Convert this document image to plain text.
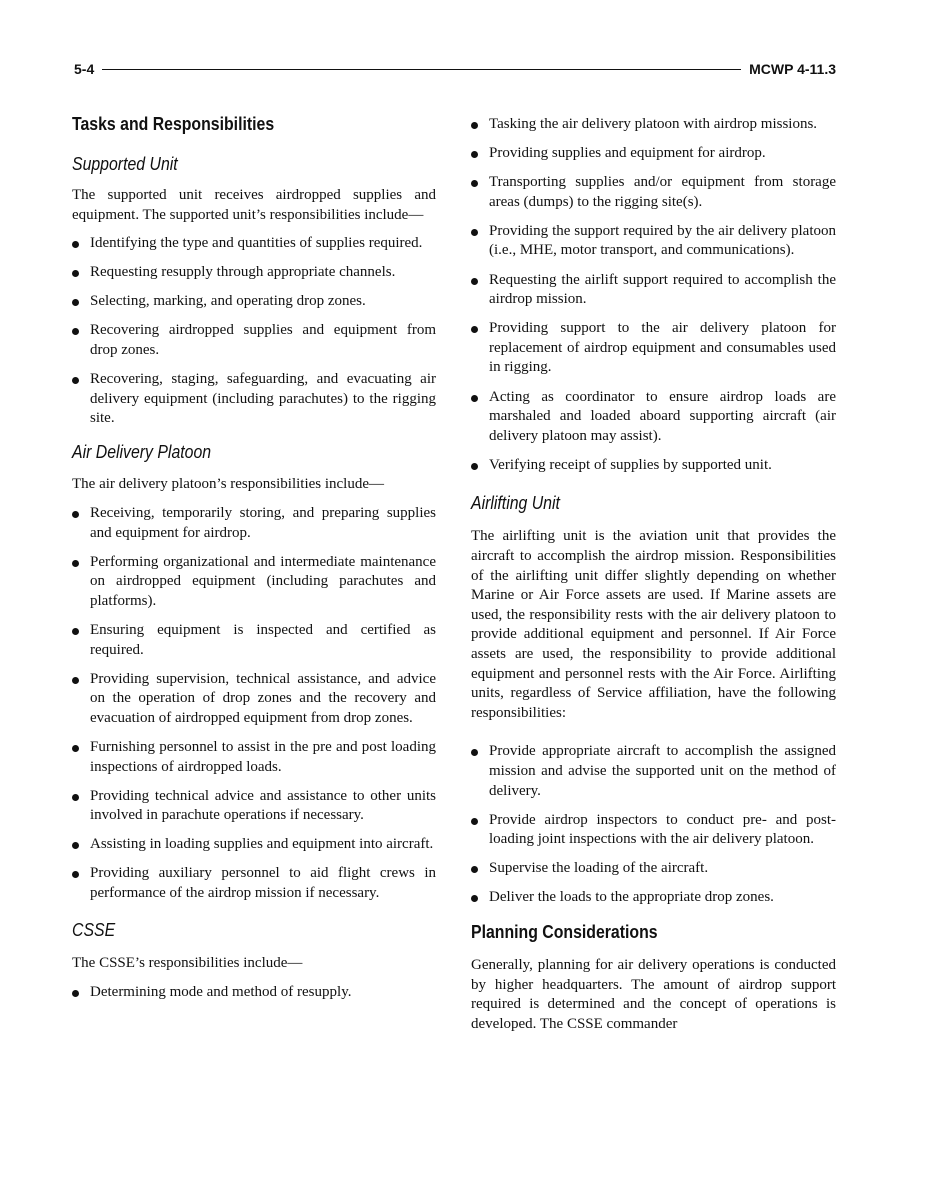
5-4	MCWP 4-11.3
Tasks and Responsibilities
Supported Unit

The supported unit receives airdropped supplies and equipment. The supported unit’s responsibilities include—

Identifying the type and quantities of supplies required.
Requesting resupply through appropriate channels.
Selecting, marking, and operating drop zones.
Recovering airdropped supplies and equipment from drop zones.
Recovering, staging, safeguarding, and evacuating air delivery equipment (including parachutes) to the rigging site.
Air Delivery Platoon

The air delivery platoon’s responsibilities include—

Receiving, temporarily storing, and preparing supplies and equipment for airdrop.
Performing organizational and intermediate maintenance on airdropped equipment (including parachutes and platforms).
Ensuring equipment is inspected and certified as required.
Providing supervision, technical assistance, and advice on the operation of drop zones and the recovery and evacuation of airdropped equipment from drop zones.
Furnishing personnel to assist in the pre and post loading inspections of airdropped loads.
Providing technical advice and assistance to other units involved in parachute operations if necessary.
Assisting in loading supplies and equipment into aircraft.
Providing auxiliary personnel to aid flight crews in performance of the airdrop mission if necessary.
CSSE

The CSSE’s responsibilities include—

Determining mode and method of resupply.
Tasking the air delivery platoon with airdrop missions.
Providing supplies and equipment for airdrop.
Transporting supplies and/or equipment from storage areas (dumps) to the rigging site(s).
Providing the support required by the air delivery platoon (i.e., MHE, motor transport, and communications).
Requesting the airlift support required to accomplish the airdrop mission.
Providing support to the air delivery platoon for replacement of airdrop equipment and consumables used in rigging.
Acting as coordinator to ensure airdrop loads are marshaled and loaded aboard supporting aircraft (air delivery platoon may assist).
Verifying receipt of supplies by supported unit.
Airlifting Unit

The airlifting unit is the aviation unit that provides the aircraft to accomplish the airdrop mission. Responsibilities of the airlifting unit differ slightly depending on whether Marine or Air Force assets are used. If Marine assets are used, the responsibility rests with the air delivery platoon to provide additional equipment and personnel. If Air Force assets are used, the responsibility to provide additional equipment and personnel rests with the Air Force. Airlifting units, regardless of Service affiliation, have the following responsibilities:

Provide appropriate aircraft to accomplish the assigned mission and advise the supported unit on the method of delivery.
Provide airdrop inspectors to conduct pre- and post-loading joint inspections with the air delivery platoon.
Supervise the loading of the aircraft.
Deliver the loads to the appropriate drop zones.
Planning Considerations

Generally, planning for air delivery operations is conducted by higher headquarters. The amount of airdrop support required is determined and the concept of operations is developed. The CSSE commander
